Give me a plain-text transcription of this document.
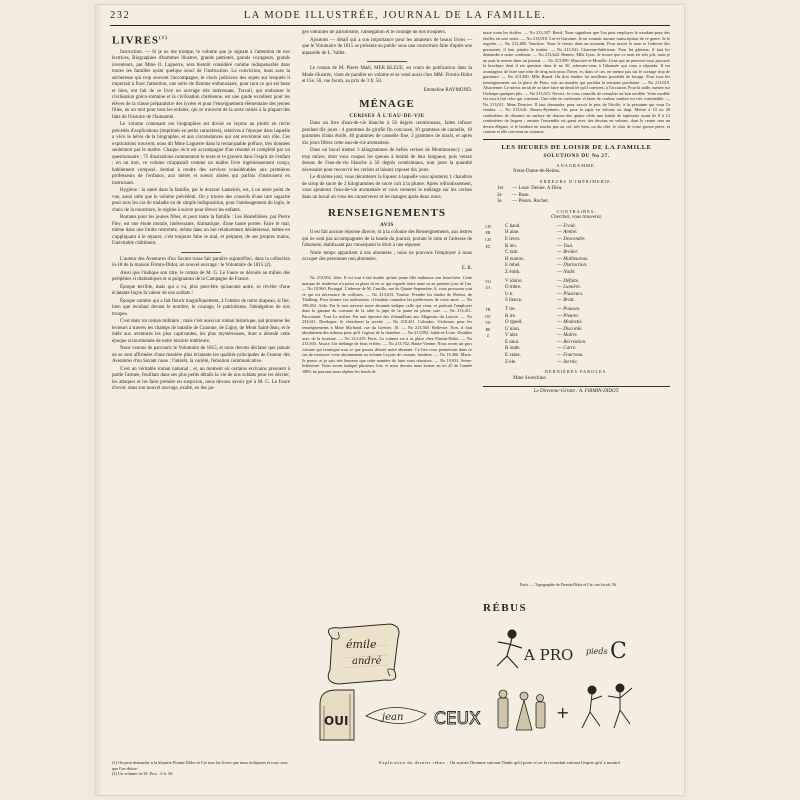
232	LA MODE ILLUSTRÉE, JOURNAL DE LA FAMILLE.
LIVRES$^{(1)}$

Instruction. — Si je ne me trompe, le volume que je signale à l'attention de nos lectrices, Biographies d'hommes illustres, grands patriotes, grands voyageurs, grands inventeurs, par Mme O. Laguerre, sera bientôt considéré comme indispensable dans toutes les familles ayant quelque souci de l'instruction. La conviction, mais sans la sécheresse qui trop souvent l'accompagne, le choix judicieux des sujets sur lesquels il importait à fixer l'attention, une sorte de flamme enthousiaste, pour tout ce qui est beau et bien, ont fait de ce livre un ouvrage très intéressant. Travail, qui embrasse la civilisation gréco-romaine et la civilisation chrétienne, est une guide excellent pour les élèves de la classe préparatoire des lycées et pour l'enseignement élémentaire des jeunes filles, en un mot pour tous les enfants, qui se trouvent de la sorte initiés à la plupart des faits de l'histoire de l'humanité.

Le volume contenant ces biographies est divisé en leçons au plutôt en récits précédés d'explications (imprimés en petits caractères), relatives à l'époque dans laquelle a vécu le héros de la biographie, et aux circonstances qui ont environné son rôle. Ces explications trouvent, nous dit Mme Laguerre dans la remarquable préface, très données seulement par le maître. Chaque récit est accompagné d'un résumé et complété par un questionnaire ; 75 illustrations commentent le texte et le gravent dans l'esprit de l'enfant ; en un mot, ce volume m'apparaît comme un maître livre ingénieusement conçu, habilement composé, destiné à rendre des services considérables aux premières professeurs de l'enfance, aux mères et soeurs aînées qui parfois s'instruisent en instruisant.

Hygiène : la santé dans la famille, par le docteur Lanteirès, est, à un autre point de vue, aussi utile que le volume précédent. On y trouve des conseils d'une rare sagacité pour tous les cas de maladie ou de simple indisposition, pour l'aménagement du logis, le choix de la nourriture, le régime à suivre pour élever les enfants.

Romans pour les jeunes filles, et pour toute la famille : Les Hostellières, par Pierre Fiey, est une étude morale, intéressante, dramatique, d'une haute portée. Faire le mal, même dans une limite restreinte, même dans un but relativement désintéressé, même en s'appliquant à le réparer, c'est toujours faire le mal, et préparer, de ses propres mains, l'inévitable châtiment.

L'auteur des Aventures d'un Savant russe fait paraître aujourd'hui, dans la collection in-18 de la maison Firmin-Didot, un nouvel ouvrage : le Volontaire de 1815 (2).

Ainsi que l'indique son titre, le roman de M. G. Le Faure se déroule au milieu des péripéties si dramatiques et si poignantes de la Campagne de France.

Époque terrible, mais qui a vu, plus peut-être qu'aucune autre, se révéler d'une éclatante façon la valeur de nos soldats !

Époque sombre qui a fait fleurir magnifiquement, à l'ombre de notre drapeau, si fier, bien que reculant devant le nombre, le courage, le patriotisme, l'abnégation de nos troupes.

C'est donc un roman militaire ; mais c'est aussi un roman historique, qui promène les lecteurs à travers les champs de bataille de Craonne, de Ligny, de Mont Saint-Jean, et le mêle aux aventures les plus captivantes, les plus mystérieuses, dont a abondé cette époque si tourmentée de notre histoire intérieure.

Nous venons de parcourir le Volontaire de 1815, et nous devons déclarer que jamais ne se sont affirmées d'une manière plus éclatante les qualités principales de l'auteur des Aventures d'un Savant russe : l'intérêt, la variété, l'émotion communicative.

C'est un véritable roman national ; et, au moment où certains écrivains prennent à partie l'armée, fouillant dans ses plus petits détails la vie de nos soldats pour les décrier, les attaquer et les faire prendre en suspicion, nous devons savoir gré à M. G. Le Faure d'avoir, dans son nouvel ouvrage, exalté, en des pa-

(1) On peut demander à la librairie Firmin-Didot et Cie tous les livres que nous indiquons et tous ceux que l'on désire.
(2) Un volume in-18. Prix : 3 fr. 50.

ges vibrantes de patriotisme, l'abnégation et le courage de nos troupiers.

Ajoutons — détail qui a son importance pour les amateurs de beaux livres — que le Volontaire de 1815 se présente au public sous une couverture faite d'après une aquarelle de L. Vallet.

Le roman de M. Pierre Maël, MER BLEUE, en cours de publication dans la Mode illustrée, vient de paraître en volume et se vend aussi chez MM. Firmin-Didot et Cie, 56, rue Jacob, au prix de 3 fr. 50.

Emmeline RAYMOND.
MÉNAGE
CERISES À L'EAU-DE-VIE

Dans un litre d'eau-de-vie blanche à 56 degrés centésimaux, faites infuser pendant dix jours : 4 grammes de girofle fin concassé, 10 grammes de cannelle, 10 grammes d'anis étoilé, 40 grammes de cannelle fine, 2 grammes de macis, et après dix jours filtrez cette eau-de-vie aromatisée.

Dans un bocal mettez 3 kilogrammes de belles cerises de Montmorency ; pas trop mûres, dont vous coupez les queues à moitié de leur longueur, puis versez dessus de l'eau-de-vie blanche à 56 degrés centésimaux, tout juste la quantité nécessaire pour recouvrir les cerises et laissez reposer dix jours.

Le dixième jour, vous décanterez la liqueur à laquelle vous ajouterez 1 chaudron de sirop de sucre de 2 kilogrammes de sucre cuit à la plume. Après refroidissement, vous ajouterez l'eau-de-vie aromatisée et vous verserez le mélange sur les cerises dans un bocal où vous les conserverez et les mangez après deux mois.

RENSEIGNEMENTS
AVIS

Il est fait aucune réponse directe, ni à la colonne des Renseignements, aux lettres qui ne sont pas accompagnées de la bande du journal, portant le nom et l'adresse de l'abonnée, établissant par conséquent le droit à une réponse.

Notre temps appartient à nos abonnées ; nous ne pouvons l'employer à nous occuper des personnes non abonnées.

E. R.

No 213,992. Jolie. Il est tout à fait inutile qu'une jeune fille embrasse son beau-frère. Cette marque de tendresse n'a point sa place ni en ce qui regarde notre amie ni au premier jour de l'an. — No 18,960. Portugal. L'adresse de M. Castillo, rue du Quatre-Septembre, 6, vous procurera tout ce qui est nécessaire de coiffures. — No 213,613. Tunisie. Prendre les études de Bertini, de Thalberg. Pour donner vos indications, il faudrait connaître les préférences de votre amie. — No 198,402. Aïda. Par le mot traverse notre abonnée indique celle qui vient, et partirait l'employer dans la gamme du costume de la robe la jupe de la jaune en pleine soie. — No 213,411. Parcourant. Tout Le métier. Par une épreuve des échantillons aux Magasins du Louvre. — No 234,611. Dordogne. Je chercherai la recette. — No 218,431. Calvados. S'adresser pour les renseignements à Mme Michaud, rue du Grenier, 18. — No 213,560. Bellevue. Non, il faut absolument des rideaux pour qu'il s'agisse de la chambre. — No 213,993. Sable-et-Loire. Doublez avec de la fourrure. — No 213,419. Paris. Le volume est à sa place chez Firmin-Didot. — No 213,945. Alsace. Un mélange de brun et bleu. — No 213,762. Haute-Vienne. Nous avons un gros volume qui renseigne tout ce que pourra désirer notre abonnée. Ce lien vous permettrait dans ce cas de retrouver votre abonnement au volume Leçons de couture, broderie. — No 19,460. Marie. Je pense, et je suis très heureux que cette manière de faire vous réussisse. — No 19,012. Seine-Inférieure. Nous avons indiqué plusieurs fois, et nous devons nous borner au no 45 de l'année 1889, ne pouvant nous répéter les fonds de

notre toute les étoffes. — No 213,337. Retrd. Nous signalons que l'on peut employer le mordant-pour des étoffes en soie noire. — No 213,918. Lot-et-Garonne. Je ne connais aucune transcription de ce genre. Je le regrette. — No 213,480. Vaucluse. Nous le ferons dans un moment. Pour savoir le nom et l'adresse des personnes, il faut joindre le timbre. — No 213,541. Charente-Inférieure. Pour les gâteaux, il faut les demander à notre confiseur. — No 213,622. Rennes. Mlle Lyon. Je trouve que ce nom est très joli, mais je ne puis le mettre dans un journal. — No 213,999. Mascotte-et-Moselle. Ceux qui ne peuvent vous procurer la brochure dont il est question dans le no 30, adressez-vous à l'abonnée qui vous a répondu. Il est avantageux de faire une robe de drap noir pour l'hiver, et, dans ce cas, ne mettez pas sur le corsage trop de garniture. — No 213,480. Mlle Buard. On doit étudier les meilleurs procédés de lavage. Pour tous les renseignements sur la place de Paris, voir au numéro qui paraîtra la semaine prochaine. — No 213,619. Alsacienne. Le mieux serait de se faire faire un deuil tel qu'il convient, à l'occasion. Pour la taille, mettez sur l'écharpe quelques plis. — No 213,021. Nevers. Je vous conseille de consulter un bon modèle. Votre modèle est tout à fait celui qui convient. Une robe en cachemire et laine de couleur sombre est très convenable. — No 213,011. Mme Dortrise. Il faut demander, pour savoir le prix de l'étoffe, à la personne qui vous l'a vendue. — No 213,641. Basses-Pyrénées. On pose le tapis en velours ou drap. Mettre à 10 ou 20 centimètres de distance en surface de chacun des quatre côtés une bande de tapisserie ayant de 8 à 12 centimètres de largeur ; ensuite l'ensemble est garni avec des dessins en velours, dont le centre sera un dessin élégant, si le bordure ne touche pas au col, très bien, ou du côté, le clair de votre grosse pièce, et comme et elle convient au costume.

LES HEURES DE LOISIR DE LA FAMILLE
SOLUTIONS DU No 27.
ANAGRAMME.
Notre-Dame-de-Reims.
ERREURS D'IMPRIMERIE.
1er — Loué. Denier. A Dieu.
2e — Rose.
3e — Pleurs. Rocher.
CONTRAIRES.
Cherchez, vous trouverez.
C haud.	— Froid.
H aine.	— Amitié.
E lever.	— Descendre.
R ien.	— Tout.
C rain.	— Broiler.
H eureux.	— Malheureux.
E mbel.	— Distraction.
Z énith.	— Nadir.
CHERCHEZ
V idoire.	— Défaite.
O mbre.	— Lumière.
U n.	— Plusieurs.
S ilence.	— Bruit.
VOUS
T ire.	— Pousses.
R ire.	— Pleurer.
O rgueil.	— Modestie.
U nion.	— Discorde.
V alet.	— Maître.
E nnui.	— Récréation.
R onde.	— Carré.
E xtase.	— Fourreau.
Z èle.	— Inertie.
TROUVEREZ
DERNIÈRES PAROLES.
Mme Swetchine.
Le Directeur-Gérant : A. FIRMIN-DIDOT.
Paris. — Typographie de Firmin-Didot et Cie, rue Jacob, 56.
RÉBUS
émile
andré	A PRO pieds C
OUI	jean CEUX	+
Explication du dernier rébus : On suivait l'homme suivant l'habit qu'il porte et on le reconduit suivant l'esprit qu'il a montré.
